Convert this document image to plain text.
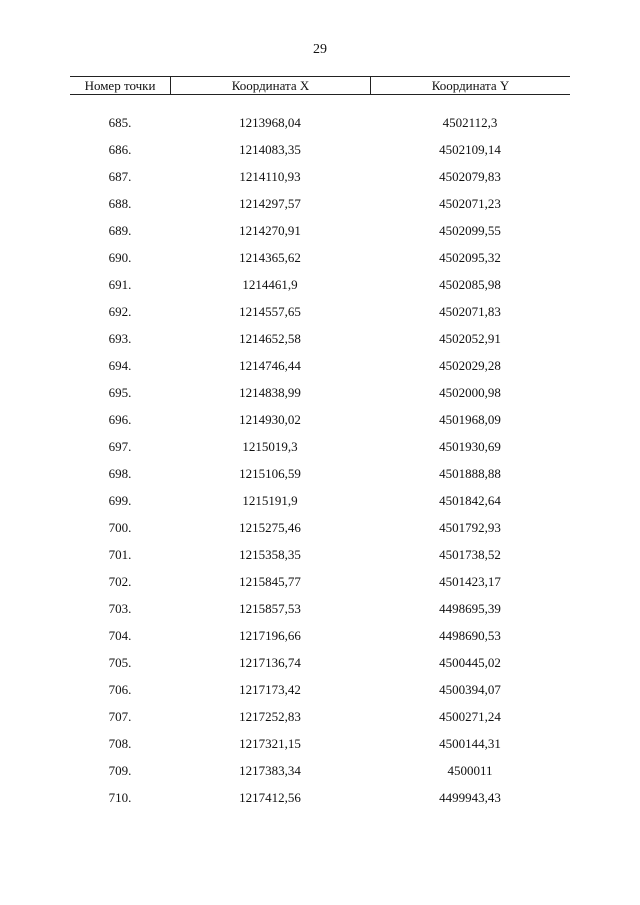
29
Номер точки	Координата X	Координата Y
685.	1213968,04	4502112,3
686.	1214083,35	4502109,14
687.	1214110,93	4502079,83
688.	1214297,57	4502071,23
689.	1214270,91	4502099,55
690.	1214365,62	4502095,32
691.	1214461,9	4502085,98
692.	1214557,65	4502071,83
693.	1214652,58	4502052,91
694.	1214746,44	4502029,28
695.	1214838,99	4502000,98
696.	1214930,02	4501968,09
697.	1215019,3	4501930,69
698.	1215106,59	4501888,88
699.	1215191,9	4501842,64
700.	1215275,46	4501792,93
701.	1215358,35	4501738,52
702.	1215845,77	4501423,17
703.	1215857,53	4498695,39
704.	1217196,66	4498690,53
705.	1217136,74	4500445,02
706.	1217173,42	4500394,07
707.	1217252,83	4500271,24
708.	1217321,15	4500144,31
709.	1217383,34	4500011
710.	1217412,56	4499943,43
